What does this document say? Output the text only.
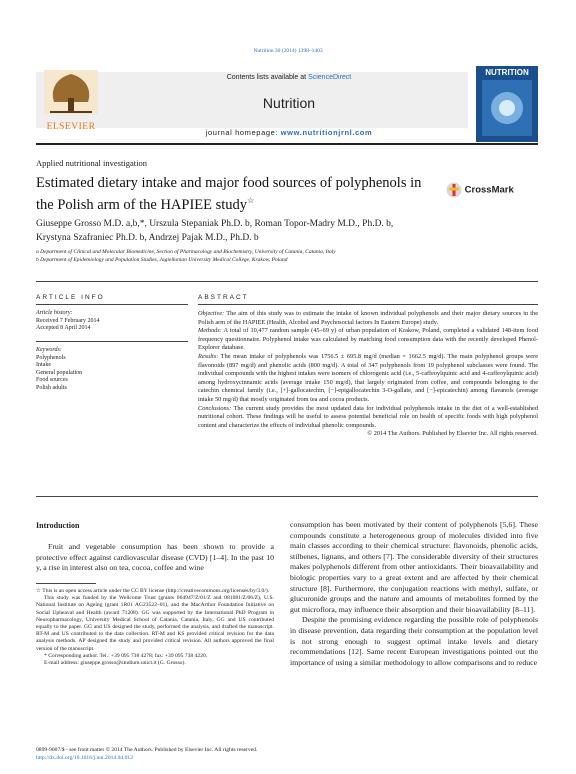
Nutrition 30 (2014) 1398–1403
ELSEVIER
Contents lists available at ScienceDirect
Nutrition
journal homepage: www.nutritionjrnl.com
NUTRITION
Applied nutritional investigation
Estimated dietary intake and major food sources of polyphenols in the Polish arm of the HAPIEE study☆
CrossMark
Giuseppe Grosso M.D. a,b,*, Urszula Stepaniak Ph.D. b, Roman Topor-Madry M.D., Ph.D. b,
Krystyna Szafraniec Ph.D. b, Andrzej Pajak M.D., Ph.D. b
a Department of Clinical and Molecular Biomedicine, Section of Pharmacology and Biochemistry, University of Catania, Catania, Italy
b Department of Epidemiology and Population Studies, Jagiellonian University Medical College, Krakow, Poland
ARTICLE INFO	ABSTRACT
Article history:
Received 7 February 2014
Accepted 8 April 2014
Keywords:
Polyphenols
Intake
General population
Food sources
Polish adults

Objective: The aim of this study was to estimate the intake of known individual polyphenols and their major dietary sources in the Polish arm of the HAPIEE (Health, Alcohol and Psychosocial factors In Eastern Europe) study.

Methods: A total of 10,477 random sample (45–69 y) of urban population of Krakow, Poland, completed a validated 148-item food frequency questionnaire. Polyphenol intake was calculated by matching food consumption data with the recently developed Phenol-Explorer database.

Results: The mean intake of polyphenols was 1756.5 ± 695.8 mg/d (median = 1662.5 mg/d). The main polyphenol groups were flavonoids (897 mg/d) and phenolic acids (800 mg/d). A total of 347 polyphenols from 19 polyphenol subclasses were found. The individual compounds with the highest intakes were isomers of chlorogenic acid (i.e., 5-caffeoylquinic acid and 4-caffeoylquinic acid) among hydroxycinnamic acids (average intake 150 mg/d), that largely originated from coffee, and compounds belonging to the catechin chemical family (i.e., [+]-gallocatechin, [−]-epigallocatechin 3-O-gallate, and [−]-epicatechin) among flavanols (average intake 50 mg/d) that mostly originated from tea and cocoa products.

Conclusions: The current study provides the most updated data for individual polyphenols intake in the diet of a well-established nutritional cohort. These findings will be useful to assess potential beneficial role on health of specific foods with high polyphenol content and characterize the effects of individual phenolic compounds.

© 2014 The Authors. Published by Elsevier Inc. All rights reserved.

Introduction
Fruit and vegetable consumption has been shown to provide a protective effect against cardiovascular disease (CVD) [1–4]. In the past 10 y, a rise in interest also on tea, cocoa, coffee and wine

☆ This is an open access article under the CC BY license (http://creativecommons.org/licenses/by/3.0/).

This study was funded by the Wellcome Trust (grants 064947/Z/01/Z and 081081/Z/06/Z), U.S. National Institute on Ageing (grant 1R01 AG23522–01), and the MacArthur Foundation Initiative on Social Upheaval and Health (award 71208). GG was supported by the International PhD Program in Neuropharmacology, University Medical School of Catania, Catania, Italy. GG and US contributed equally to the paper. GG and US designed the study, performed the analysis, and drafted the manuscript. RT-M and US contributed to the data collection. RT-M and KS provided critical revision for the data analysis methods. AP designed the study and provided critical revision. All authors approved the final version of the manuscript.

* Corresponding author. Tel.: +39 095 738 4278; fax: +39 095 738 4220.

E-mail address: giuseppe.grosso@studium.unict.it (G. Grosso).

consumption has been motivated by their content of polyphenols [5,6]. These compounds constitute a heterogeneous group of molecules divided into five main classes according to their chemical structure: flavonoids, phenolic acids, stilbenes, lignans, and others [7]. The considerable diversity of their structures makes polyphenols different from other antioxidants. Their bioavailability and biologic properties vary to a great extent and are affected by their chemical structure [8]. Furthermore, the conjugation reactions with methyl, sulfate, or glucuronide groups and the nature and amounts of metabolites formed by the gut microflora, may influence their absorption and their bioavailability [8–11].

Despite the promising evidence regarding the possible role of polyphenols in disease prevention, data regarding their consumption at the population level is not strong enough to suggest optimal intake levels and dietary recommendations [12]. Same recent European investigations pointed out the importance of using a similar methodology to allow comparisons and to reduce

0899-9007/$ - see front matter © 2014 The Authors. Published by Elsevier Inc. All rights reserved.
http://dx.doi.org/10.1016/j.nut.2014.04.012
